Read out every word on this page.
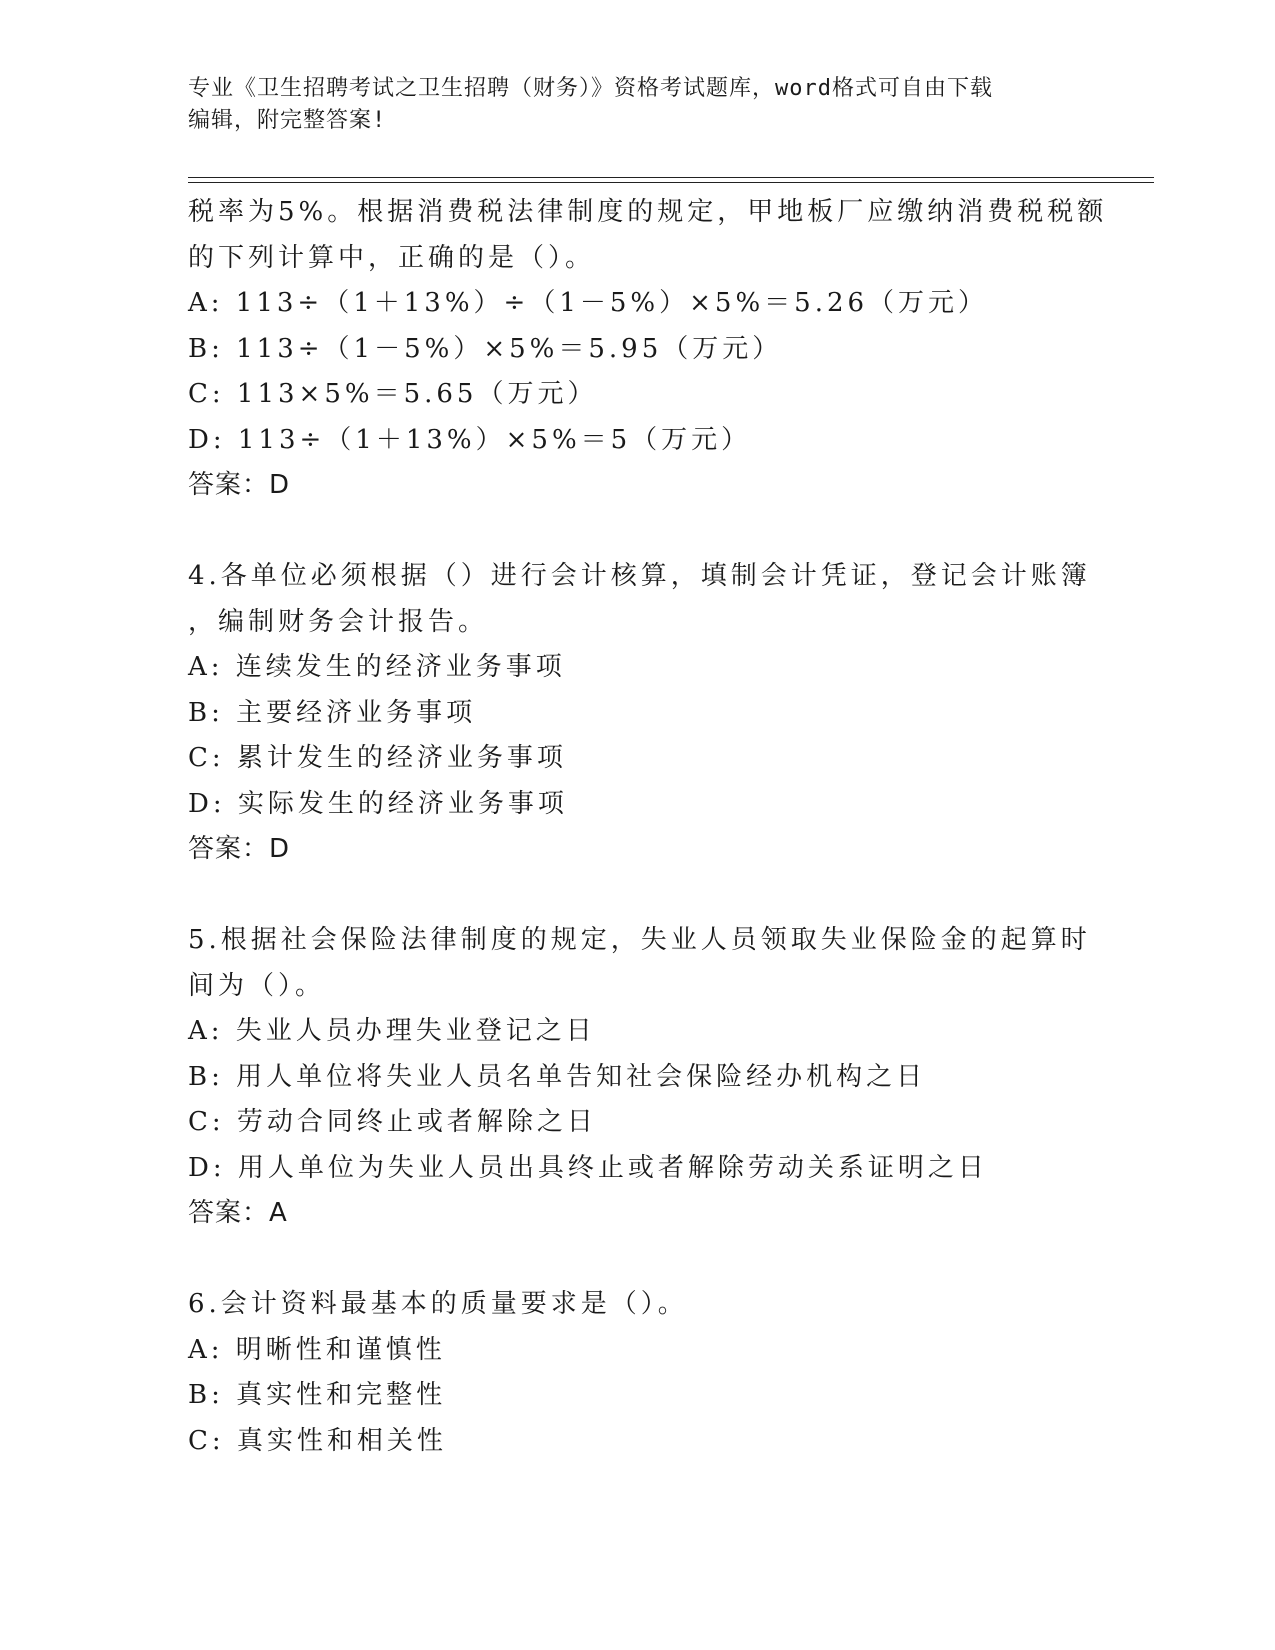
专业《卫生招聘考试之卫生招聘（财务）》资格考试题库，word格式可自由下载
编辑，附完整答案!
税率为5%。根据消费税法律制度的规定，甲地板厂应缴纳消费税税额
的下列计算中，正确的是（）。
A: 113÷（1＋13%）÷（1－5%）×5%＝5.26（万元）
B: 113÷（1－5%）×5%＝5.95（万元）
C: 113×5%＝5.65（万元）
D: 113÷（1＋13%）×5%＝5（万元）
答案：D
4.各单位必须根据（）进行会计核算，填制会计凭证，登记会计账簿
，编制财务会计报告。
A: 连续发生的经济业务事项
B: 主要经济业务事项
C: 累计发生的经济业务事项
D: 实际发生的经济业务事项
答案：D
5.根据社会保险法律制度的规定，失业人员领取失业保险金的起算时
间为（）。
A: 失业人员办理失业登记之日
B: 用人单位将失业人员名单告知社会保险经办机构之日
C: 劳动合同终止或者解除之日
D: 用人单位为失业人员出具终止或者解除劳动关系证明之日
答案：A
6.会计资料最基本的质量要求是（）。
A: 明晰性和谨慎性
B: 真实性和完整性
C: 真实性和相关性
